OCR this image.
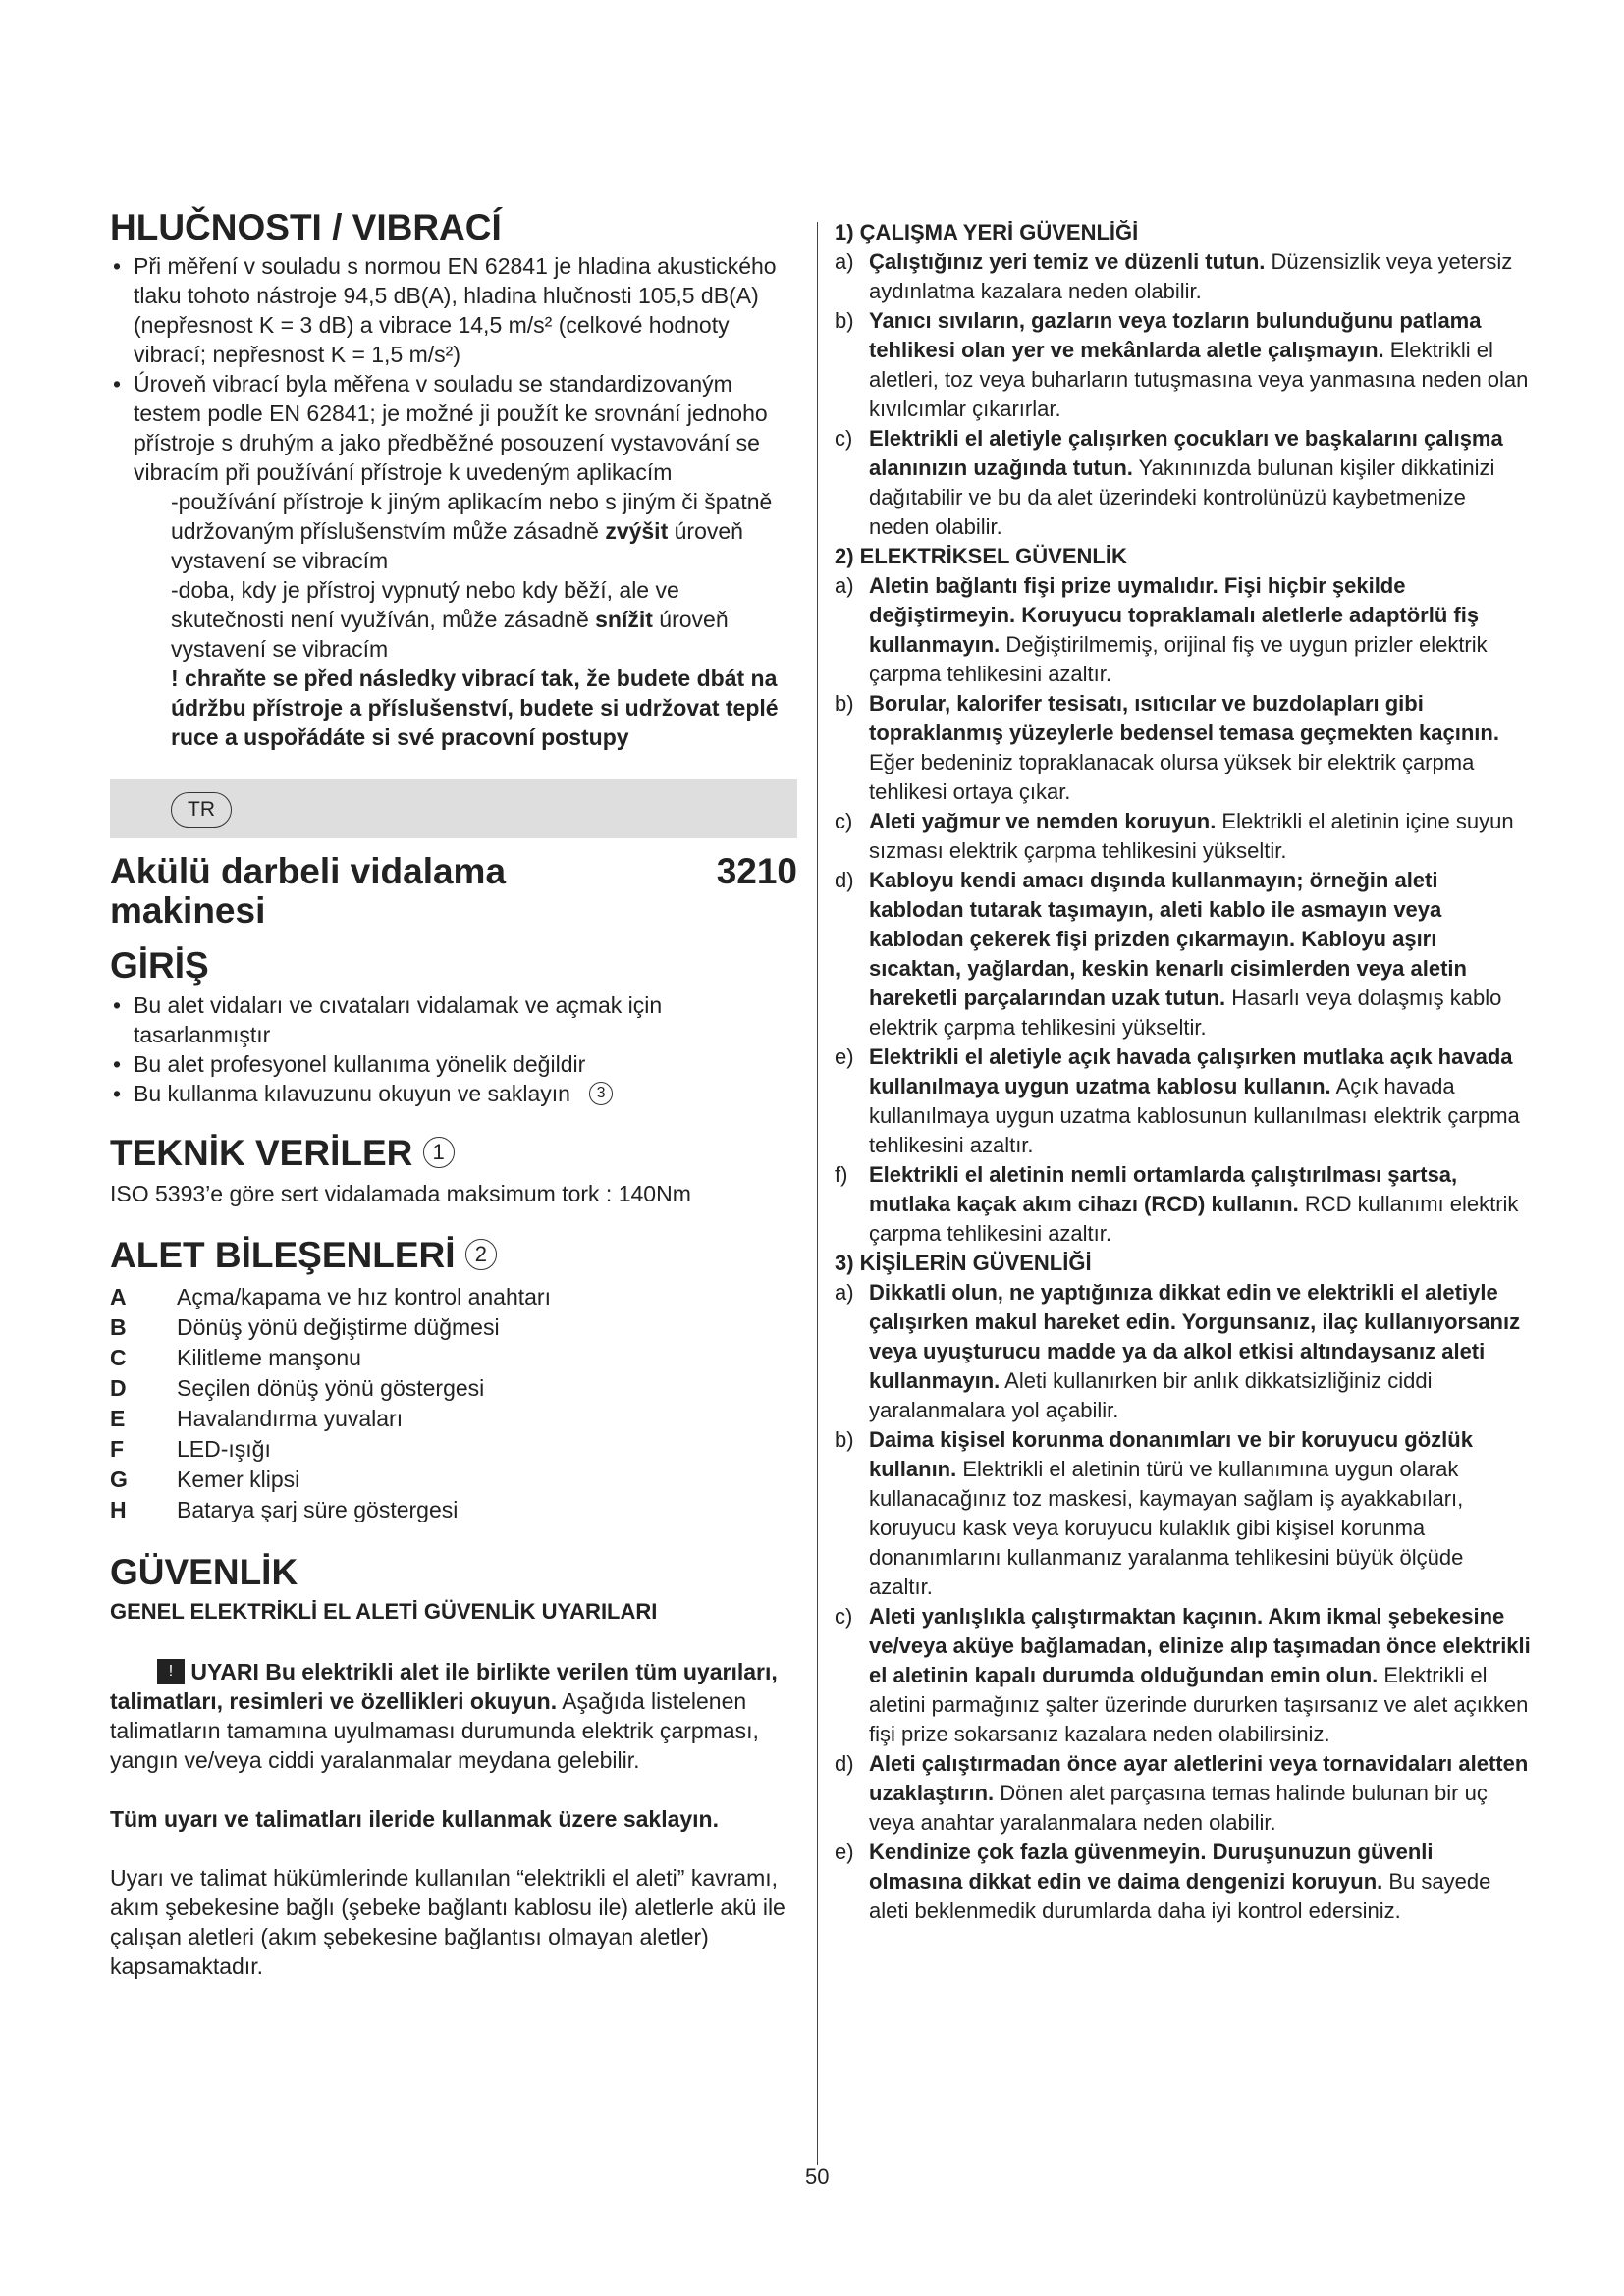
HLUČNOSTI / VIBRACÍ
• Při měření v souladu s normou EN 62841 je hladina akustického tlaku tohoto nástroje 94,5 dB(A), hladina hlučnosti 105,5 dB(A) (nepřesnost K = 3 dB) a vibrace 14,5 m/s² (celkové hodnoty vibrací; nepřesnost K = 1,5 m/s²)
• Úroveň vibrací byla měřena v souladu se standardizovaným testem podle EN 62841; je možné ji použít ke srovnání jednoho přístroje s druhým a jako předběžné posouzení vystavování se vibracím při používání přístroje k uvedeným aplikacím
-používání přístroje k jiným aplikacím nebo s jiným či špatně udržovaným příslušenstvím může zásadně zvýšit úroveň vystavení se vibracím
-doba, kdy je přístroj vypnutý nebo kdy běží, ale ve skutečnosti není využíván, může zásadně snížit úroveň vystavení se vibracím
! chraňte se před následky vibrací tak, že budete dbát na údržbu přístroje a příslušenství, budete si udržovat teplé ruce a uspořádáte si své pracovní postupy
TR
Akülü darbeli vidalama makinesi
3210
GİRİŞ
• Bu alet vidaları ve cıvataları vidalamak ve açmak için tasarlanmıştır
• Bu alet profesyonel kullanıma yönelik değildir
• Bu kullanma kılavuzunu okuyun ve saklayın 3
TEKNİK VERİLER 1
ISO 5393’e göre sert vidalamada maksimum tork : 140Nm
ALET BİLEŞENLERİ 2
A	Açma/kapama ve hız kontrol anahtarı
B	Dönüş yönü değiştirme düğmesi
C	Kilitleme manşonu
D	Seçilen dönüş yönü göstergesi
E	Havalandırma yuvaları
F	LED-ışığı
G	Kemer klipsi
H	Batarya şarj süre göstergesi
GÜVENLİK
GENEL ELEKTRİKLİ EL ALETİ GÜVENLİK UYARILARI
! UYARI Bu elektrikli alet ile birlikte verilen tüm uyarıları, talimatları, resimleri ve özellikleri okuyun. Aşağıda listelenen talimatların tamamına uyulmaması durumunda elektrik çarpması, yangın ve/veya ciddi yaralanmalar meydana gelebilir.
Tüm uyarı ve talimatları ileride kullanmak üzere saklayın.
Uyarı ve talimat hükümlerinde kullanılan “elektrikli el aleti” kavramı, akım şebekesine bağlı (şebeke bağlantı kablosu ile) aletlerle akü ile çalışan aletleri (akım şebekesine bağlantısı olmayan aletler) kapsamaktadır.
1) ÇALIŞMA YERİ GÜVENLİĞİ
a) Çalıştığınız yeri temiz ve düzenli tutun. Düzensizlik veya yetersiz aydınlatma kazalara neden olabilir.
b) Yanıcı sıvıların, gazların veya tozların bulunduğunu patlama tehlikesi olan yer ve mekânlarda aletle çalışmayın. Elektrikli el aletleri, toz veya buharların tutuşmasına veya yanmasına neden olan kıvılcımlar çıkarırlar.
c) Elektrikli el aletiyle çalışırken çocukları ve başkalarını çalışma alanınızın uzağında tutun. Yakınınızda bulunan kişiler dikkatinizi dağıtabilir ve bu da alet üzerindeki kontrolünüzü kaybetmenize neden olabilir.
2) ELEKTRİKSEL GÜVENLİK
a) Aletin bağlantı fişi prize uymalıdır. Fişi hiçbir şekilde değiştirmeyin. Koruyucu topraklamalı aletlerle adaptörlü fiş kullanmayın. Değiştirilmemiş, orijinal fiş ve uygun prizler elektrik çarpma tehlikesini azaltır.
b) Borular, kalorifer tesisatı, ısıtıcılar ve buzdolapları gibi topraklanmış yüzeylerle bedensel temasa geçmekten kaçının. Eğer bedeniniz topraklanacak olursa yüksek bir elektrik çarpma tehlikesi ortaya çıkar.
c) Aleti yağmur ve nemden koruyun. Elektrikli el aletinin içine suyun sızması elektrik çarpma tehlikesini yükseltir.
d) Kabloyu kendi amacı dışında kullanmayın; örneğin aleti kablodan tutarak taşımayın, aleti kablo ile asmayın veya kablodan çekerek fişi prizden çıkarmayın. Kabloyu aşırı sıcaktan, yağlardan, keskin kenarlı cisimlerden veya aletin hareketli parçalarından uzak tutun. Hasarlı veya dolaşmış kablo elektrik çarpma tehlikesini yükseltir.
e) Elektrikli el aletiyle açık havada çalışırken mutlaka açık havada kullanılmaya uygun uzatma kablosu kullanın. Açık havada kullanılmaya uygun uzatma kablosunun kullanılması elektrik çarpma tehlikesini azaltır.
f) Elektrikli el aletinin nemli ortamlarda çalıştırılması şartsa, mutlaka kaçak akım cihazı (RCD) kullanın. RCD kullanımı elektrik çarpma tehlikesini azaltır.
3) KİŞİLERİN GÜVENLİĞİ
a) Dikkatli olun, ne yaptığınıza dikkat edin ve elektrikli el aletiyle çalışırken makul hareket edin. Yorgunsanız, ilaç kullanıyorsanız veya uyuşturucu madde ya da alkol etkisi altındaysanız aleti kullanmayın. Aleti kullanırken bir anlık dikkatsizliğiniz ciddi yaralanmalara yol açabilir.
b) Daima kişisel korunma donanımları ve bir koruyucu gözlük kullanın. Elektrikli el aletinin türü ve kullanımına uygun olarak kullanacağınız toz maskesi, kaymayan sağlam iş ayakkabıları, koruyucu kask veya koruyucu kulaklık gibi kişisel korunma donanımlarını kullanmanız yaralanma tehlikesini büyük ölçüde azaltır.
c) Aleti yanlışlıkla çalıştırmaktan kaçının. Akım ikmal şebekesine ve/veya aküye bağlamadan, elinize alıp taşımadan önce elektrikli el aletinin kapalı durumda olduğundan emin olun. Elektrikli el aletini parmağınız şalter üzerinde dururken taşırsanız ve alet açıkken fişi prize sokarsanız kazalara neden olabilirsiniz.
d) Aleti çalıştırmadan önce ayar aletlerini veya tornavidaları aletten uzaklaştırın. Dönen alet parçasına temas halinde bulunan bir uç veya anahtar yaralanmalara neden olabilir.
e) Kendinize çok fazla güvenmeyin. Duruşunuzun güvenli olmasına dikkat edin ve daima dengenizi koruyun. Bu sayede aleti beklenmedik durumlarda daha iyi kontrol edersiniz.
50
